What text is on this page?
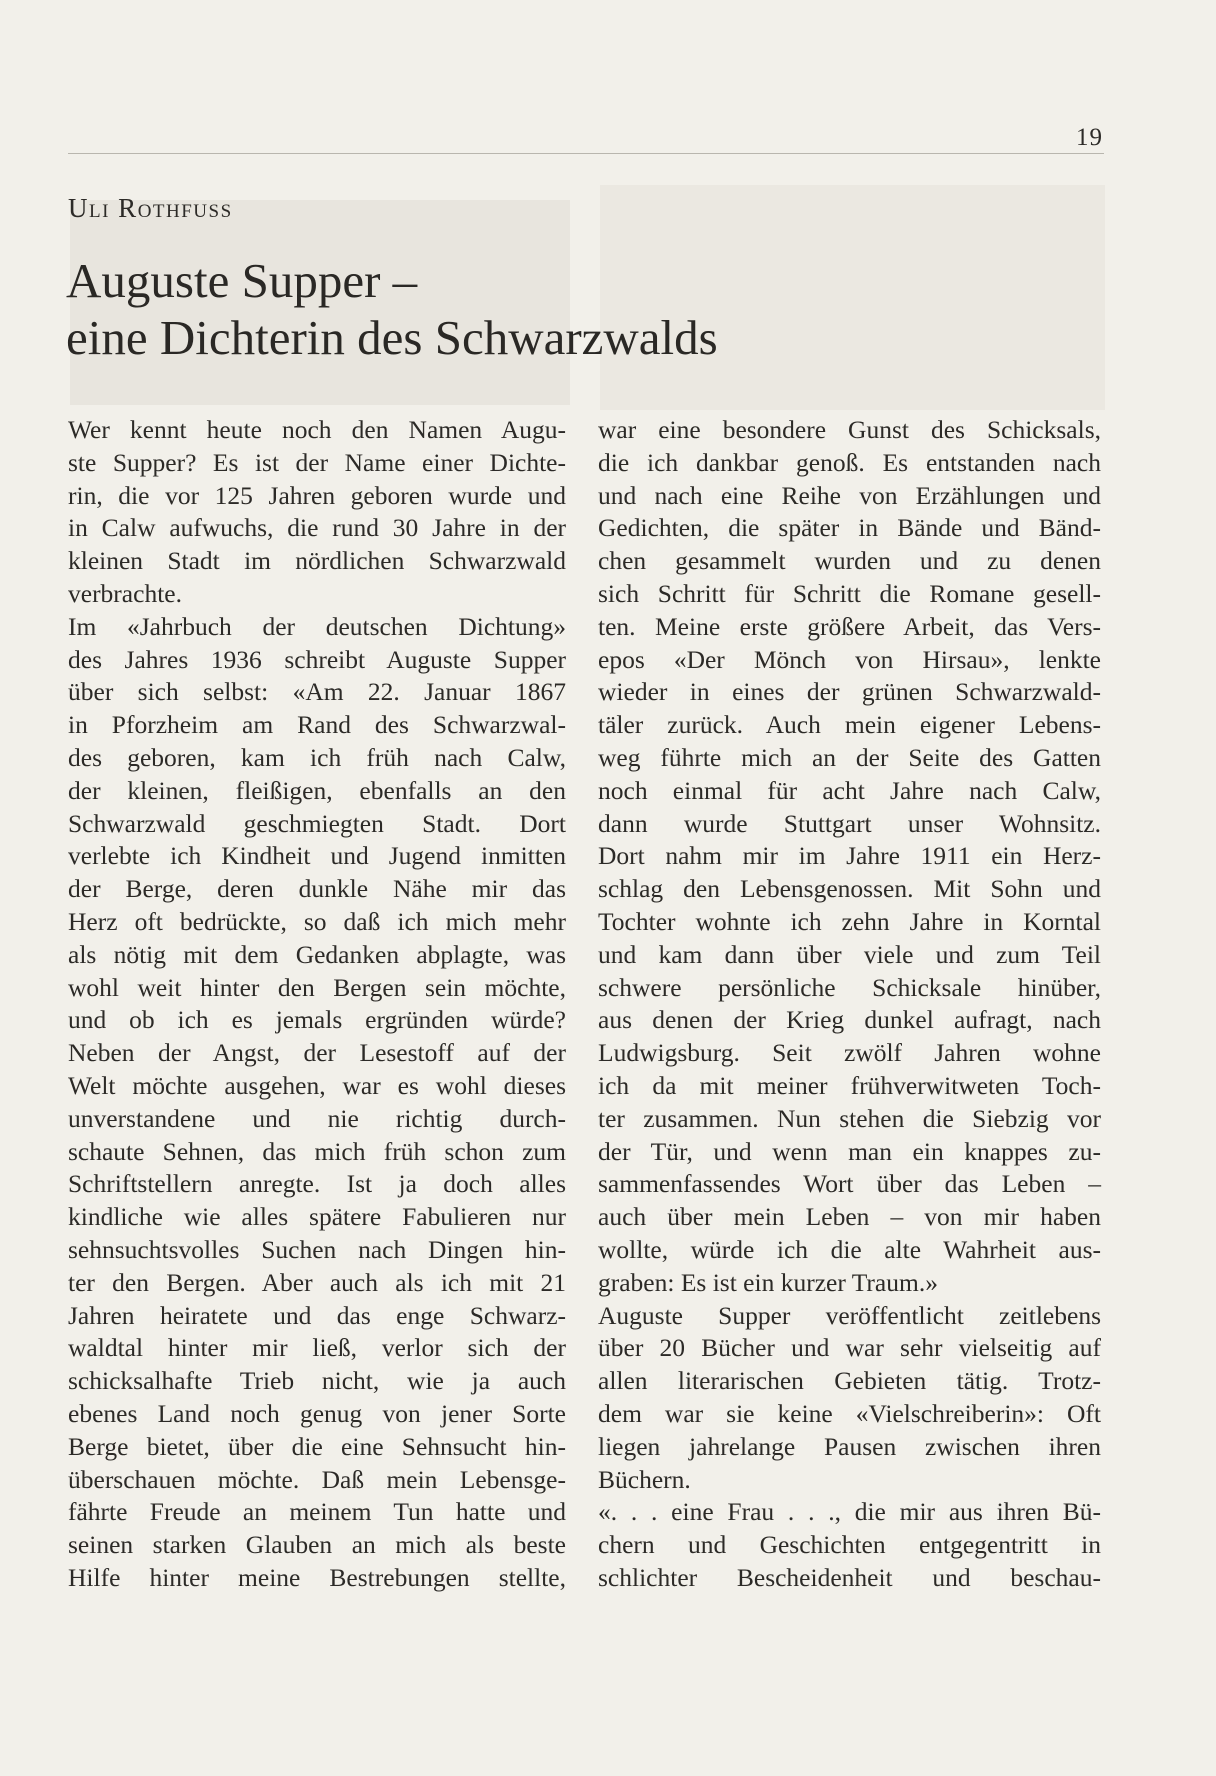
19
Uli Rothfuss
Auguste Supper –
eine Dichterin des Schwarzwalds
Wer kennt heute noch den Namen Augu-
ste Supper? Es ist der Name einer Dichte-
rin, die vor 125 Jahren geboren wurde und
in Calw aufwuchs, die rund 30 Jahre in der
kleinen Stadt im nördlichen Schwarzwald
verbrachte.
Im «Jahrbuch der deutschen Dichtung»
des Jahres 1936 schreibt Auguste Supper
über sich selbst: «Am 22. Januar 1867
in Pforzheim am Rand des Schwarzwal-
des geboren, kam ich früh nach Calw,
der kleinen, fleißigen, ebenfalls an den
Schwarzwald geschmiegten Stadt. Dort
verlebte ich Kindheit und Jugend inmitten
der Berge, deren dunkle Nähe mir das
Herz oft bedrückte, so daß ich mich mehr
als nötig mit dem Gedanken abplagte, was
wohl weit hinter den Bergen sein möchte,
und ob ich es jemals ergründen würde?
Neben der Angst, der Lesestoff auf der
Welt möchte ausgehen, war es wohl dieses
unverstandene und nie richtig durch-
schaute Sehnen, das mich früh schon zum
Schriftstellern anregte. Ist ja doch alles
kindliche wie alles spätere Fabulieren nur
sehnsuchtsvolles Suchen nach Dingen hin-
ter den Bergen. Aber auch als ich mit 21
Jahren heiratete und das enge Schwarz-
waldtal hinter mir ließ, verlor sich der
schicksalhafte Trieb nicht, wie ja auch
ebenes Land noch genug von jener Sorte
Berge bietet, über die eine Sehnsucht hin-
überschauen möchte. Daß mein Lebensge-
fährte Freude an meinem Tun hatte und
seinen starken Glauben an mich als beste
Hilfe hinter meine Bestrebungen stellte,
war eine besondere Gunst des Schicksals,
die ich dankbar genoß. Es entstanden nach
und nach eine Reihe von Erzählungen und
Gedichten, die später in Bände und Bänd-
chen gesammelt wurden und zu denen
sich Schritt für Schritt die Romane gesell-
ten. Meine erste größere Arbeit, das Vers-
epos «Der Mönch von Hirsau», lenkte
wieder in eines der grünen Schwarzwald-
täler zurück. Auch mein eigener Lebens-
weg führte mich an der Seite des Gatten
noch einmal für acht Jahre nach Calw,
dann wurde Stuttgart unser Wohnsitz.
Dort nahm mir im Jahre 1911 ein Herz-
schlag den Lebensgenossen. Mit Sohn und
Tochter wohnte ich zehn Jahre in Korntal
und kam dann über viele und zum Teil
schwere persönliche Schicksale hinüber,
aus denen der Krieg dunkel aufragt, nach
Ludwigsburg. Seit zwölf Jahren wohne
ich da mit meiner frühverwitweten Toch-
ter zusammen. Nun stehen die Siebzig vor
der Tür, und wenn man ein knappes zu-
sammenfassendes Wort über das Leben –
auch über mein Leben – von mir haben
wollte, würde ich die alte Wahrheit aus-
graben: Es ist ein kurzer Traum.»
Auguste Supper veröffentlicht zeitlebens
über 20 Bücher und war sehr vielseitig auf
allen literarischen Gebieten tätig. Trotz-
dem war sie keine «Vielschreiberin»: Oft
liegen jahrelange Pausen zwischen ihren
Büchern.
«. . . eine Frau . . ., die mir aus ihren Bü-
chern und Geschichten entgegentritt in
schlichter Bescheidenheit und beschau-
